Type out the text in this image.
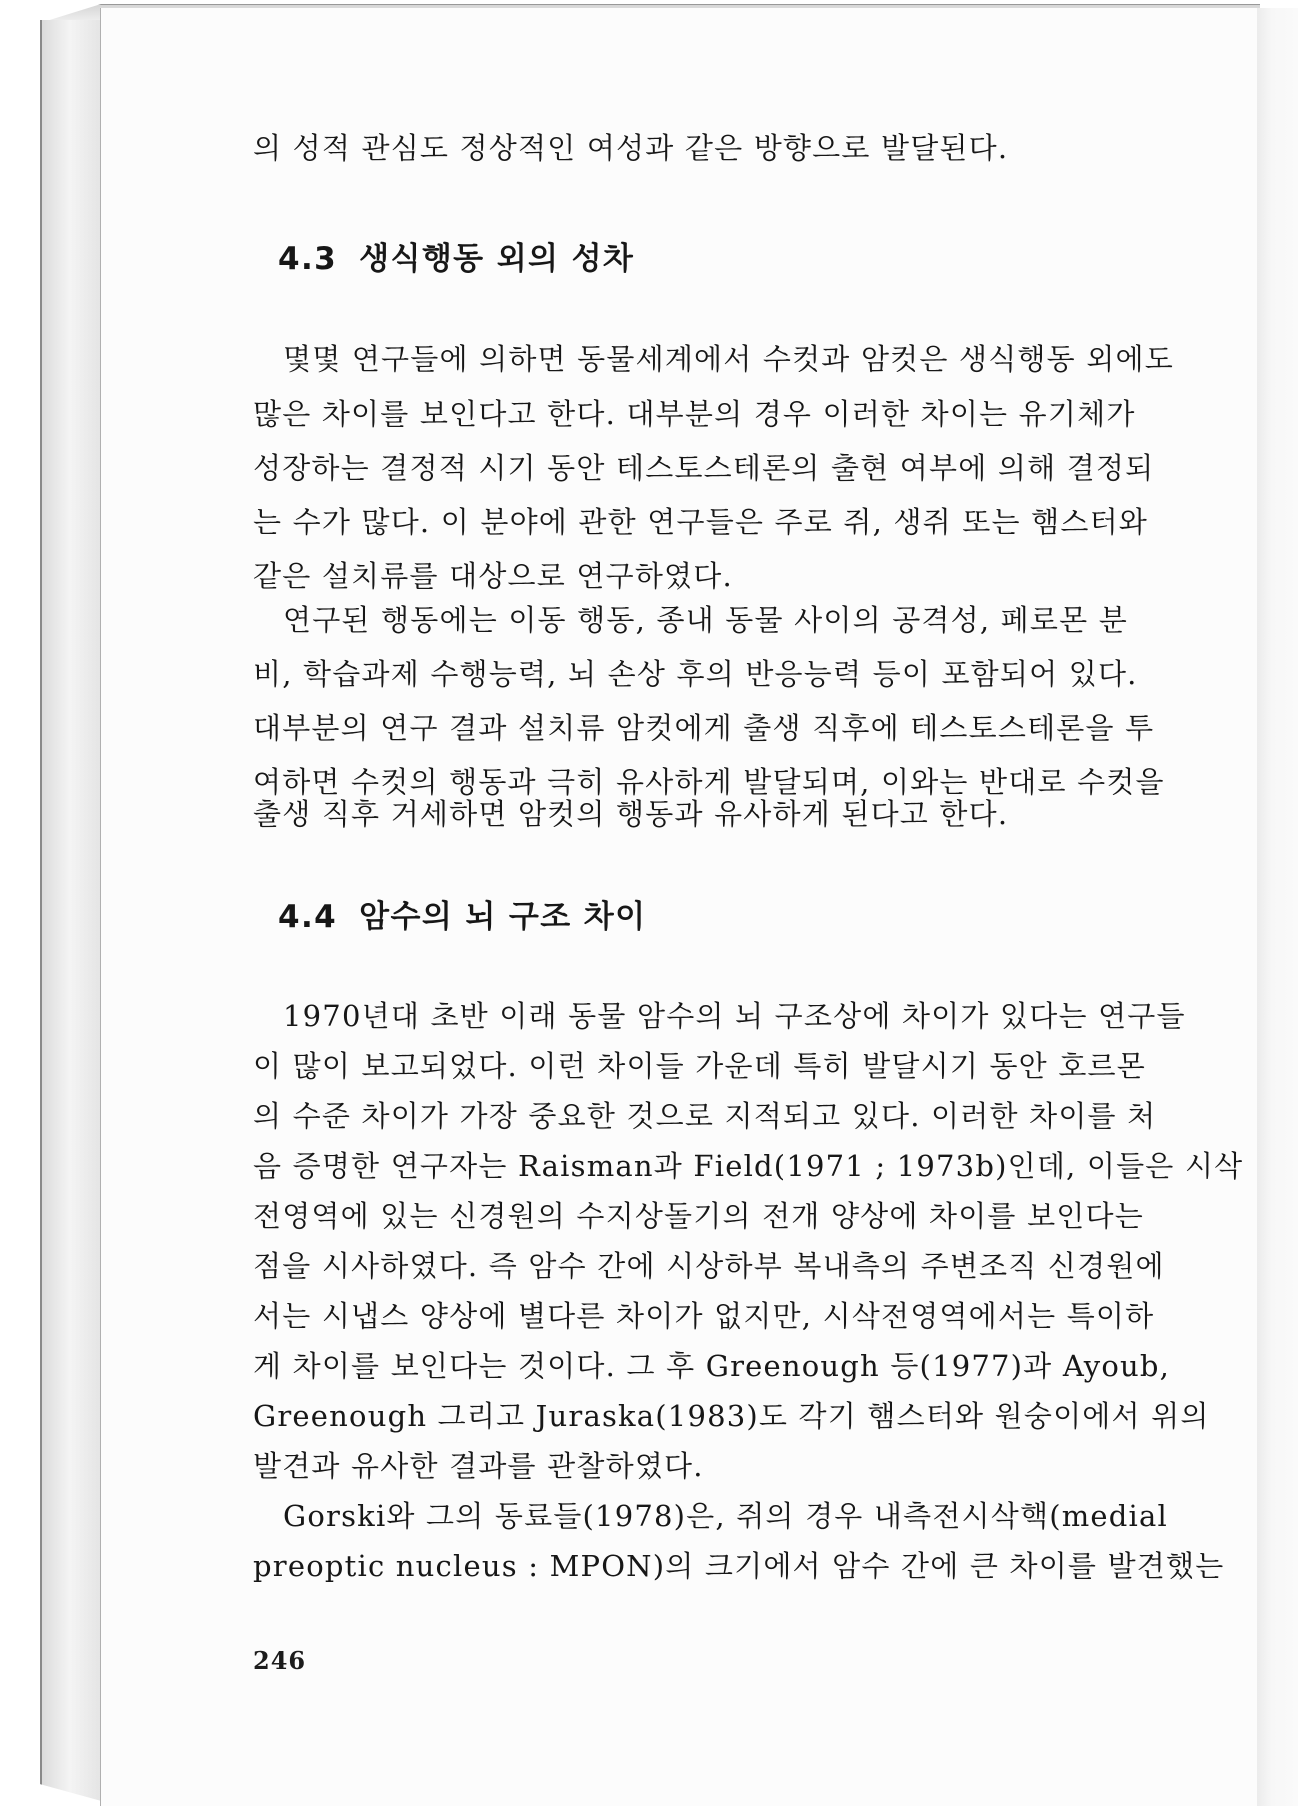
의 성적 관심도 정상적인 여성과 같은 방향으로 발달된다.
4.3 생식행동 외의 성차
몇몇 연구들에 의하면 동물세계에서 수컷과 암컷은 생식행동 외에도
많은 차이를 보인다고 한다. 대부분의 경우 이러한 차이는 유기체가
성장하는 결정적 시기 동안 테스토스테론의 출현 여부에 의해 결정되
는 수가 많다. 이 분야에 관한 연구들은 주로 쥐, 생쥐 또는 햄스터와
같은 설치류를 대상으로 연구하였다.
연구된 행동에는 이동 행동, 종내 동물 사이의 공격성, 페로몬 분
비, 학습과제 수행능력, 뇌 손상 후의 반응능력 등이 포함되어 있다.
대부분의 연구 결과 설치류 암컷에게 출생 직후에 테스토스테론을 투
여하면 수컷의 행동과 극히 유사하게 발달되며, 이와는 반대로 수컷을
출생 직후 거세하면 암컷의 행동과 유사하게 된다고 한다.
4.4 암수의 뇌 구조 차이
1970년대 초반 이래 동물 암수의 뇌 구조상에 차이가 있다는 연구들
이 많이 보고되었다. 이런 차이들 가운데 특히 발달시기 동안 호르몬
의 수준 차이가 가장 중요한 것으로 지적되고 있다. 이러한 차이를 처
음 증명한 연구자는 Raisman과 Field(1971 ; 1973b)인데, 이들은 시삭
전영역에 있는 신경원의 수지상돌기의 전개 양상에 차이를 보인다는
점을 시사하였다. 즉 암수 간에 시상하부 복내측의 주변조직 신경원에
서는 시냅스 양상에 별다른 차이가 없지만, 시삭전영역에서는 특이하
게 차이를 보인다는 것이다. 그 후 Greenough 등(1977)과 Ayoub,
Greenough 그리고 Juraska(1983)도 각기 햄스터와 원숭이에서 위의
발견과 유사한 결과를 관찰하였다.
Gorski와 그의 동료들(1978)은, 쥐의 경우 내측전시삭핵(medial
preoptic nucleus : MPON)의 크기에서 암수 간에 큰 차이를 발견했는
246
